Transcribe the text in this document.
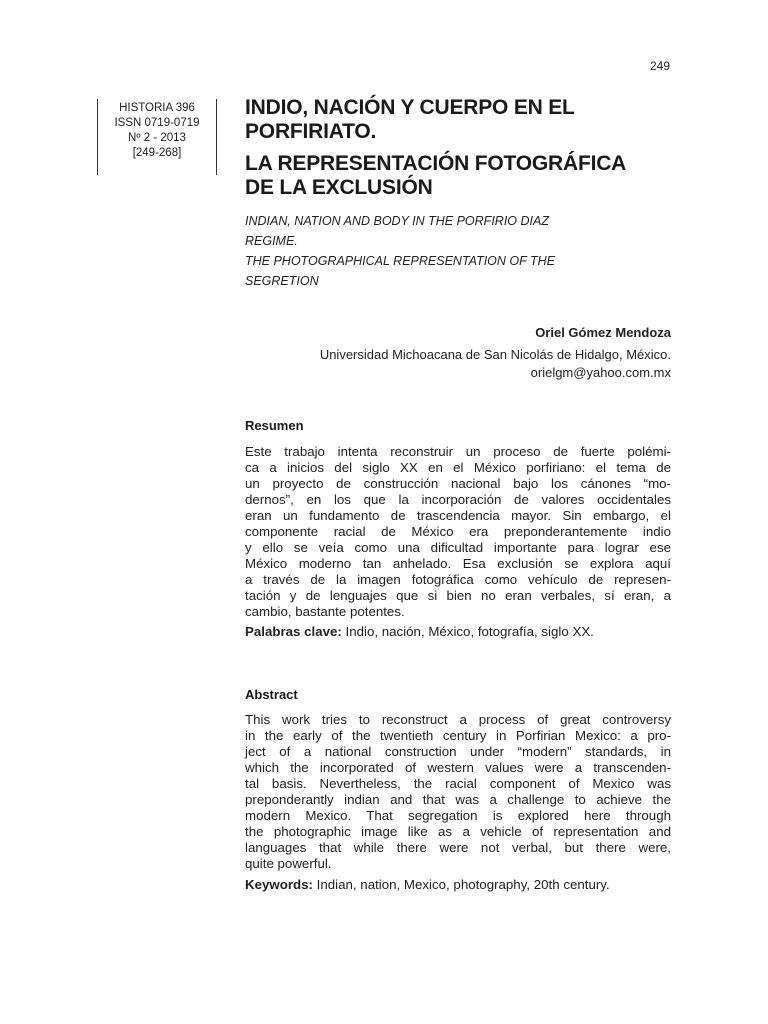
249
HISTORIA 396
ISSN 0719-0719
Nº 2 - 2013
[249-268]
INDIO, NACIÓN Y CUERPO EN EL
PORFIRIATO.
LA REPRESENTACIÓN FOTOGRÁFICA
DE LA EXCLUSIÓN
INDIAN, NATION AND BODY IN THE PORFIRIO DIAZ
REGIME.
THE PHOTOGRAPHICAL REPRESENTATION OF THE
SEGRETION
Oriel Gómez Mendoza
Universidad Michoacana de San Nicolás de Hidalgo, México.
orielgm@yahoo.com.mx
Resumen
Este trabajo intenta reconstruir un proceso de fuerte polémi-
ca a inicios del siglo XX en el México porfiriano: el tema de
un proyecto de construcción nacional bajo los cánones “mo-
dernos”, en los que la incorporación de valores occidentales
eran un fundamento de trascendencia mayor. Sin embargo, el
componente racial de México era preponderantemente indio
y ello se veía como una dificultad importante para lograr ese
México moderno tan anhelado. Esa exclusión se explora aquí
a través de la imagen fotográfica como vehículo de represen-
tación y de lenguajes que si bien no eran verbales, sí eran, a
cambio, bastante potentes.
Palabras clave: Indio, nación, México, fotografía, siglo XX.
Abstract
This work tries to reconstruct a process of great controversy
in the early of the twentieth century in Porfirian Mexico: a pro-
ject of a national construction under “modern” standards, in
which the incorporated of western values were a transcenden-
tal basis. Nevertheless, the racial component of Mexico was
preponderantly indian and that was a challenge to achieve the
modern Mexico. That segregation is explored here through
the photographic image like as a vehicle of representation and
languages that while there were not verbal, but there were,
quite powerful.
Keywords: Indian, nation, Mexico, photography, 20th century.
